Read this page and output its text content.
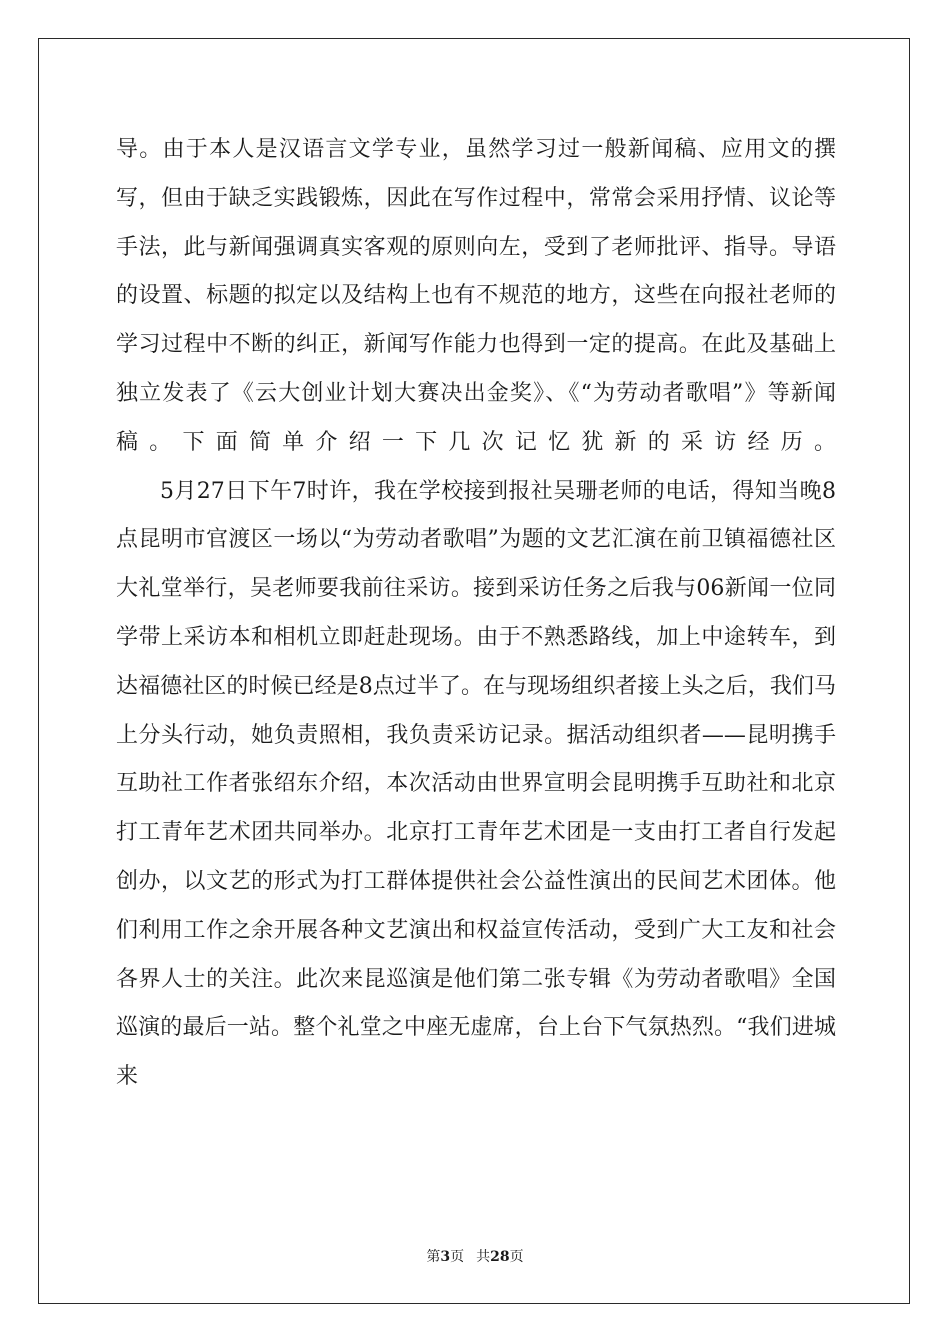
导。由于本人是汉语言文学专业，虽然学习过一般新闻稿、应用文的撰写，但由于缺乏实践锻炼，因此在写作过程中，常常会采用抒情、议论等手法，此与新闻强调真实客观的原则向左，受到了老师批评、指导。导语的设置、标题的拟定以及结构上也有不规范的地方，这些在向报社老师的学习过程中不断的纠正，新闻写作能力也得到一定的提高。在此及基础上独立发表了《云大创业计划大赛决出金奖》、《“为劳动者歌唱”》等新闻稿。下面简单介绍一下几次记忆犹新的采访经历。

5月27日下午7时许，我在学校接到报社吴珊老师的电话，得知当晚8点昆明市官渡区一场以“为劳动者歌唱”为题的文艺汇演在前卫镇福德社区大礼堂举行，吴老师要我前往采访。接到采访任务之后我与06新闻一位同学带上采访本和相机立即赶赴现场。由于不熟悉路线，加上中途转车，到达福德社区的时候已经是8点过半了。在与现场组织者接上头之后，我们马上分头行动，她负责照相，我负责采访记录。据活动组织者——昆明携手互助社工作者张绍东介绍，本次活动由世界宣明会昆明携手互助社和北京打工青年艺术团共同举办。北京打工青年艺术团是一支由打工者自行发起创办，以文艺的形式为打工群体提供社会公益性演出的民间艺术团体。他们利用工作之余开展各种文艺演出和权益宣传活动，受到广大工友和社会各界人士的关注。此次来昆巡演是他们第二张专辑《为劳动者歌唱》全国巡演的最后一站。整个礼堂之中座无虚席，台上台下气氛热烈。“我们进城来

第3页 共28页
